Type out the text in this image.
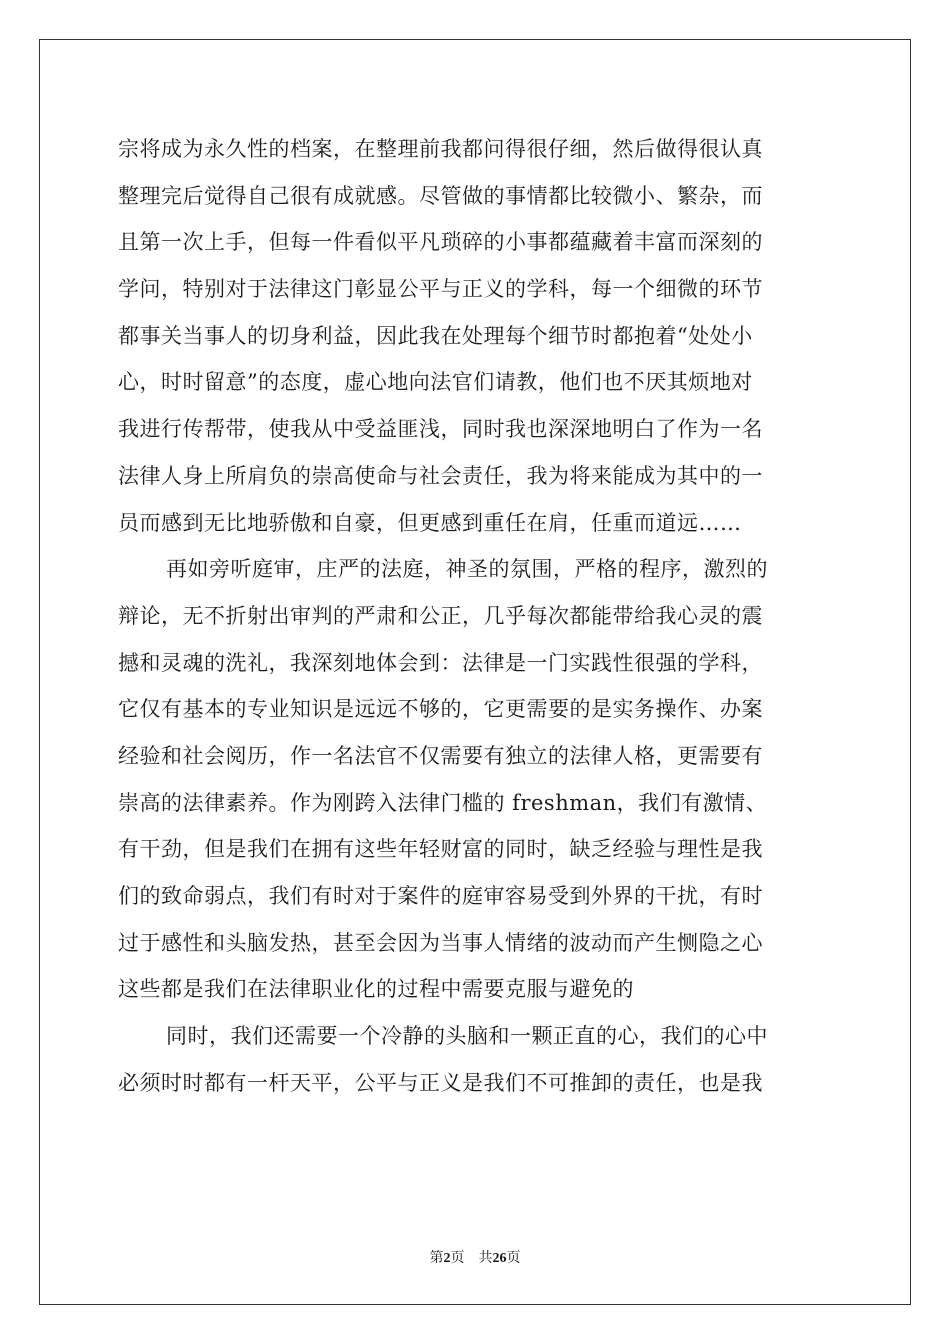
宗将成为永久性的档案，在整理前我都问得很仔细，然后做得很认真
整理完后觉得自己很有成就感。尽管做的事情都比较微小、繁杂，而
且第一次上手，但每一件看似平凡琐碎的小事都蕴藏着丰富而深刻的
学问，特别对于法律这门彰显公平与正义的学科，每一个细微的环节
都事关当事人的切身利益，因此我在处理每个细节时都抱着“处处小
心，时时留意”的态度，虚心地向法官们请教，他们也不厌其烦地对
我进行传帮带，使我从中受益匪浅，同时我也深深地明白了作为一名
法律人身上所肩负的崇高使命与社会责任，我为将来能成为其中的一
员而感到无比地骄傲和自豪，但更感到重任在肩，任重而道远……
再如旁听庭审，庄严的法庭，神圣的氛围，严格的程序，激烈的
辩论，无不折射出审判的严肃和公正，几乎每次都能带给我心灵的震
撼和灵魂的洗礼，我深刻地体会到：法律是一门实践性很强的学科，
它仅有基本的专业知识是远远不够的，它更需要的是实务操作、办案
经验和社会阅历，作一名法官不仅需要有独立的法律人格，更需要有
崇高的法律素养。作为刚跨入法律门槛的 freshman，我们有激情、
有干劲，但是我们在拥有这些年轻财富的同时，缺乏经验与理性是我
们的致命弱点，我们有时对于案件的庭审容易受到外界的干扰，有时
过于感性和头脑发热，甚至会因为当事人情绪的波动而产生恻隐之心
这些都是我们在法律职业化的过程中需要克服与避免的
同时，我们还需要一个冷静的头脑和一颗正直的心，我们的心中
必须时时都有一杆天平，公平与正义是我们不可推卸的责任，也是我
第2页 共26页
